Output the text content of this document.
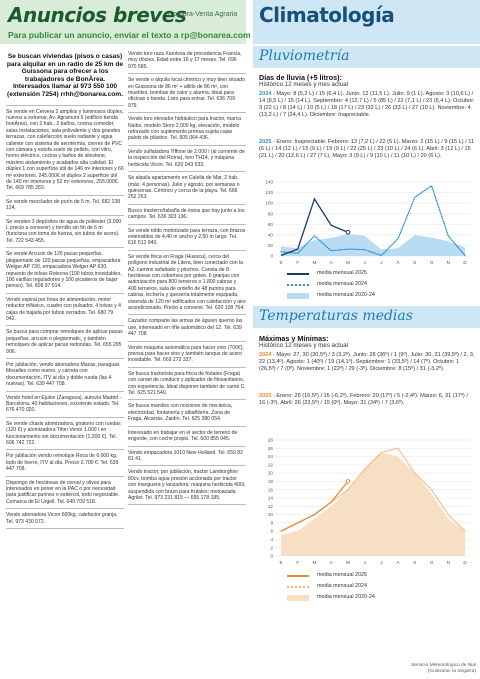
Anuncios breves
Compra-Venta Agraria
Para publicar un anuncio, enviar el texto a rp@bonarea.com
Se buscan viviendas (pisos o casas) para alquilar en un radio de 25 km de Guissona para ofrecer a los trabajadores de BonÀrea. Interesados llamar al 973 550 100 (extensión 7254) rrhh@bonarea.com.
Se vende en Cervera 2 amplios y luminosos dúplex, nuevos a estrenar, Av. Agramunt 5 (edificio tienda bonÀrea), con 2 hab., 2 baños, cocina comedor, salas instalaciones, sala polivalente y dos grandes terrazas, con calefacción suelo radiante y agua caliente con sistema de aerotérmia, cierres de PVC con cámara y estufa suelo de pellets, con vitro, horno eléctrico, cocina y baños de silestone, máximo aislamiento y acabados alta calidad. El dúplex 1 con superficie útil de 146 m² interiores y 66 m² exteriores, 245.000€ el dúplex 2 superficie útil de 140 m² interiores y 52 m² exteriores, 255.000€. Tel. 669 785 283.
Se vende mezclador de purín de 5 m. Tel. 682 138 124.
Se venden 3 depósitos de agua de poliéster (3.000 L precio a convenir) y tornillo sin fin de 6 m (funciona con toma de fuerza, sin tubos de acero). Tel. 722 543 455.
Se vende Arcusin de 120 pacas pequeñas, pleganmatic de 120 pacas pequeñas, empacadora Welger AP 730, empacadora Welger AP 630, repuesto de tolvas Rotecna (100 tubos inoxidables, 100 varillas reguladores y 100 picaderos de bajar pienso). Tel. 608 97 014.
Vendo espiral por línea de alimentación, motor reductor trifásico, cuadro con pulsador, 4 tolvas y 4 cajas de bajada por tubos cerrados. Tel. 680 79 042.
Se busca para comprar remolques de aplicar pacas pequeñas, arcusin o pleganmatic, y también remolques de aplicar pacas redondas. Tel. 655 295 906.
Por jubilación, vendo abonadora Mazas, paraguas Mesalles como nuevo, y carreta con documentación, ITV al día y doble rueda (las 4 nuevas). Tel. 639 447 708.
Vendo hotel en Ejulve (Zaragoza), autovía Madrid - Barcelona, 40 habitaciones, excelente estado. Tel. 676 470 020.
Se vende chasis atomizadora, giratorio con ruedas (120 €) y atomizadora Tifon Vento 1.000 l en funcionamiento sin documentación (1.200 €). Tel. 606 742 722.
Por jubilación vendo remolque Roca de 6.000 kg, todo de hierro, ITV al día. Precio 2.700 €. Tel. 639 447 708.
Dispongo de hectáreas de cereal y olivos para interesados en poner en la PAC o por necesidad para justificar purines o estiércol, todo negociable. Comarca de El Urgell. Tel. 649 709 518.
Vendo abonadora Vicon 600kg, calefactor granja. Tel. 973 430 072.
Vendo toro raza Xarolesa de procedencia Francia, muy dócies. Edad entre 16 y 17 meses. Tel. 696 970 585.
Se vende o alquila local céntrico y muy bien situado en Guissona de 86 m² + altillo de 86 m², con muebles, bombas de calor y alarma, ideal para oficinas o tienda. Listo para entrar. Tel. 636 709 979.
Vendo toro elevador hidráulico para tractor, marca Niubo, modelo Storn 2.000 kg, elevación, modelo reforzado con suplemento prensa sujeta cajas palots de plástico. Tel. 605 064 436.
Vendo sulfatadora Tiffone de 2.000 l (al corriente de la inspección del Roma), toro TH14, y máquina herbicida Vicon. Tel. 620 043 533.
Se alquila apartamento en Calella de Mar, 2 hab. (máx. 4 personas). Julio y agosto, por semanas o quincenas. Céntrico y cerca de la playa. Tel. 666 252 263.
Busco trasterro/tabaña de éstos que hay junto a los campos. Tel. 636 303 136.
Se vende toldo motorizado para terraza, con brazos extensibles de 4,40 m ancho y 2,50 m largo. Tel. 616 512 840.
Se vende finca en Fraga (Huesca), cerca del polígono industrial de Litera, bien conectado con la A2, camino asfaltado y pinchos. Consta de 8 hectáreas con cobertura por goteo. 6 granjas con autorización para 800 terneros o 1.800 cabras y 400 terneros, sala de ordeño de 48 puntos para cabras, lechería y quesería totalmente equipada, vivienda de 120 m² edificados con calefacción y aire acondicionado. Precio a convenir. Tel. 620 108 764.
Cazador comparte las armas de águien querrio las use, interesado en rifle automático del 12. Tel. 639 447 708.
Vendo máquina automática para hacer vino (700€), prensa para hacer vino y también tanque de acero inoxidable. Tel. 669 272 337.
Se busca tractorista para finca de frutales (Fraga) con carnet de conducir y aplicador de fitosanitarios, con experiencia. Ideal disponer también de carné C. Tel. 625 521 540.
Se busca maniliss con nociones de mecánica, electricidad, fontanería y albañilería. Zona de Fraga, Alcarràs, Zaidín. Tel. 625 380 054.
Interesado en trabajar en el sector de terreno de engorde, con coche propio. Tel. 600 855 045.
Vendo empacadora 1010 New Holland. Tel. 659 82 81 41.
Vendo tractor, por jubilación, tractor Lamborghini 80cv, bomba agua presión accionada por tractor con manguera y lanzadora; máquina herbicida 400l, suspendida con brazo para frutales; motoazada Agrilet. Tel. 973 231 815 — 655 178 185.
Climatología
Pluviometría
Días de lluvia (+5 litros):
Histórico 12 meses y mes actual
2024 - Mayo: 8 (5,2 L) / 15 (6,4 L). Junio: 12 (11,5 L). Julio: 9 (1 L). Agosto: 3 (10,6 L) / 14 (8,5 L) / 15 (14 L). Septiembre: 4 (12,7 L) / 5 (85 L) / 22 (7,1 L) / 23 (6,4 L). Octubre: 3 (22 L) / 8 (14 L) / 10 (5 L) / 18 (17 L) / 23 (32 L) / 26 (33 L) / 27 (10 L). Noviembre: 4 (13,2 L) / 7 (24,4 L). Diciembre: Inapreciable.
2025 - Enero: Inapreciable. Febrero: 13 (7,2 L) / 22 (5 L). Marzo: 2 (15 L) / 9 (15 L) / 11 (6 L) / 14 (12 L) / 15 (9 L) / 19 (9 L) / 22 (25 L) / 23 (10 L) / 24 (6 L). Abril: 3 (12 L) / 15 (21 L) / 20 (12,6 L) / 27 (7 L). Mayo: 3 (9 L) / 9 (10 L) / 11 (10 L) / 20 (6 L).
0
20
40
60
80
100
120
140
E	F	M	A	M	J	J	A	S	O	N	D
media mensual 2025
media mensual 2024
media mensual 2020-24
Temperaturas medias
Máximas y Mínimas:
Histórico 12 meses y mes actual
2024 - Mayo: 27, 30 (30,5º) / 3 (3,2º). Junio: 28 (36º) / 1 (9º). Julio: 30, 31 (39,5º) / 2, 3, 22 (13,4º). Agosto: 1 (40º) / 19 (14,1º). Septiembre: 1 (33,5º) / 14 (7º). Octubre: 1 (26,5º) / 7 (0º). Noviembre: 1 (22º) / 29 (-3º). Diciembre: 8 (15º) / 31 (-3,2º).
2025 - Enero: 26 (16,5º) / 15 (-6,2º). Febrero: 20 (17º) / 5 (-2,4º). Marzo: 6, 31 (17º) / 16 (-3º). Abril: 26 (23,5º) / 15 (0º). Mayo: 31 (34º) / 7 (3,6º).
0
2
4
6
8
10
12
14
16
18
20
22
24
26
28
E	F	M	A	M	J	J	A	S	O	N	D
media mensual 2025
media mensual 2024
media mensual 2020-24
Servicio Meteorológico de Nial
(Guissona, la Segarra)
